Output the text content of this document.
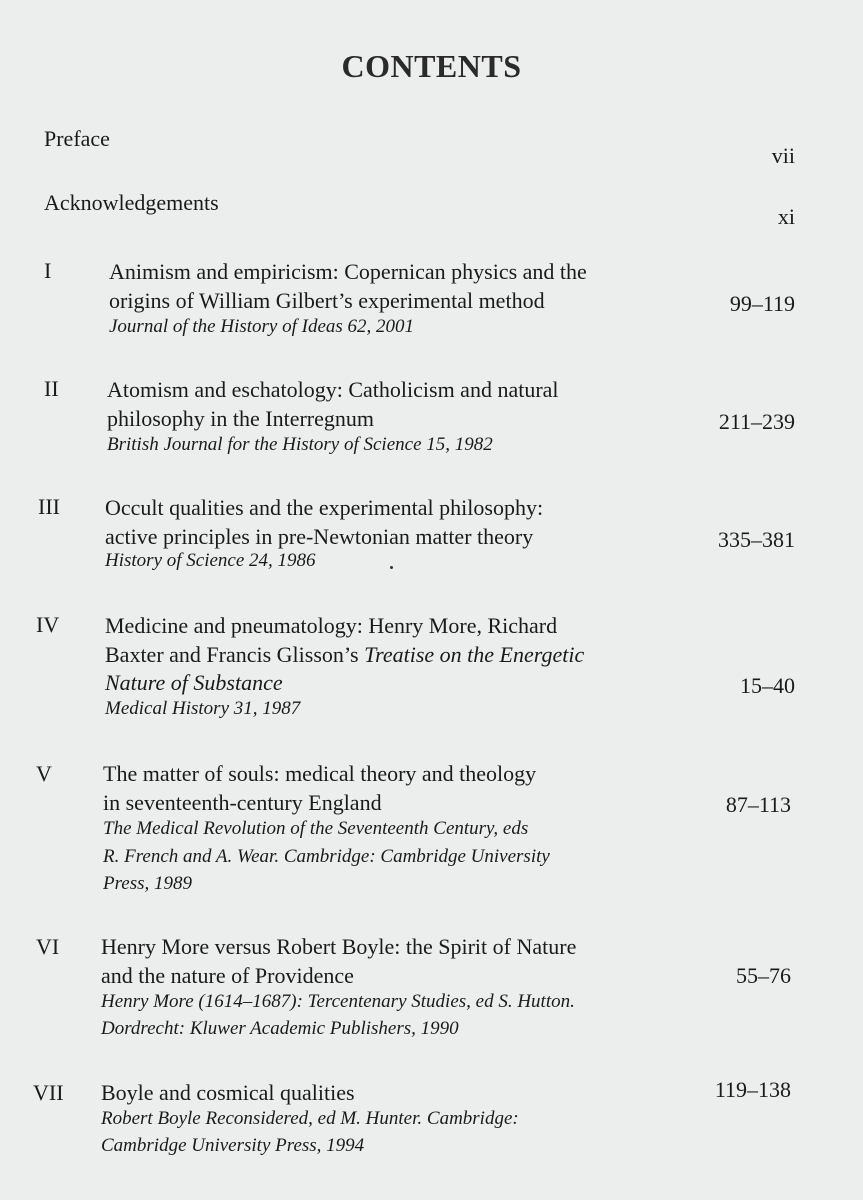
CONTENTS
Preface
vii
Acknowledgements
xi
I	Animism and empiricism: Copernican physics and the
origins of William Gilbert’s experimental method
Journal of the History of Ideas 62, 2001
99–119
II Atomism and eschatology: Catholicism and natural
philosophy in the Interregnum
British Journal for the History of Science 15, 1982
211–239
III Occult qualities and the experimental philosophy:
active principles in pre-Newtonian matter theory
History of Science 24, 1986
335–381
IV Medicine and pneumatology: Henry More, Richard
Baxter and Francis Glisson’s Treatise on the Energetic
Nature of Substance
Medical History 31, 1987
15–40
V The matter of souls: medical theory and theology
in seventeenth-century England
The Medical Revolution of the Seventeenth Century, eds
R. French and A. Wear. Cambridge: Cambridge University
Press, 1989
87–113
VI Henry More versus Robert Boyle: the Spirit of Nature
and the nature of Providence
Henry More (1614–1687): Tercentenary Studies, ed S. Hutton.
Dordrecht: Kluwer Academic Publishers, 1990
55–76
VII Boyle and cosmical qualities
Robert Boyle Reconsidered, ed M. Hunter. Cambridge:
Cambridge University Press, 1994
119–138
